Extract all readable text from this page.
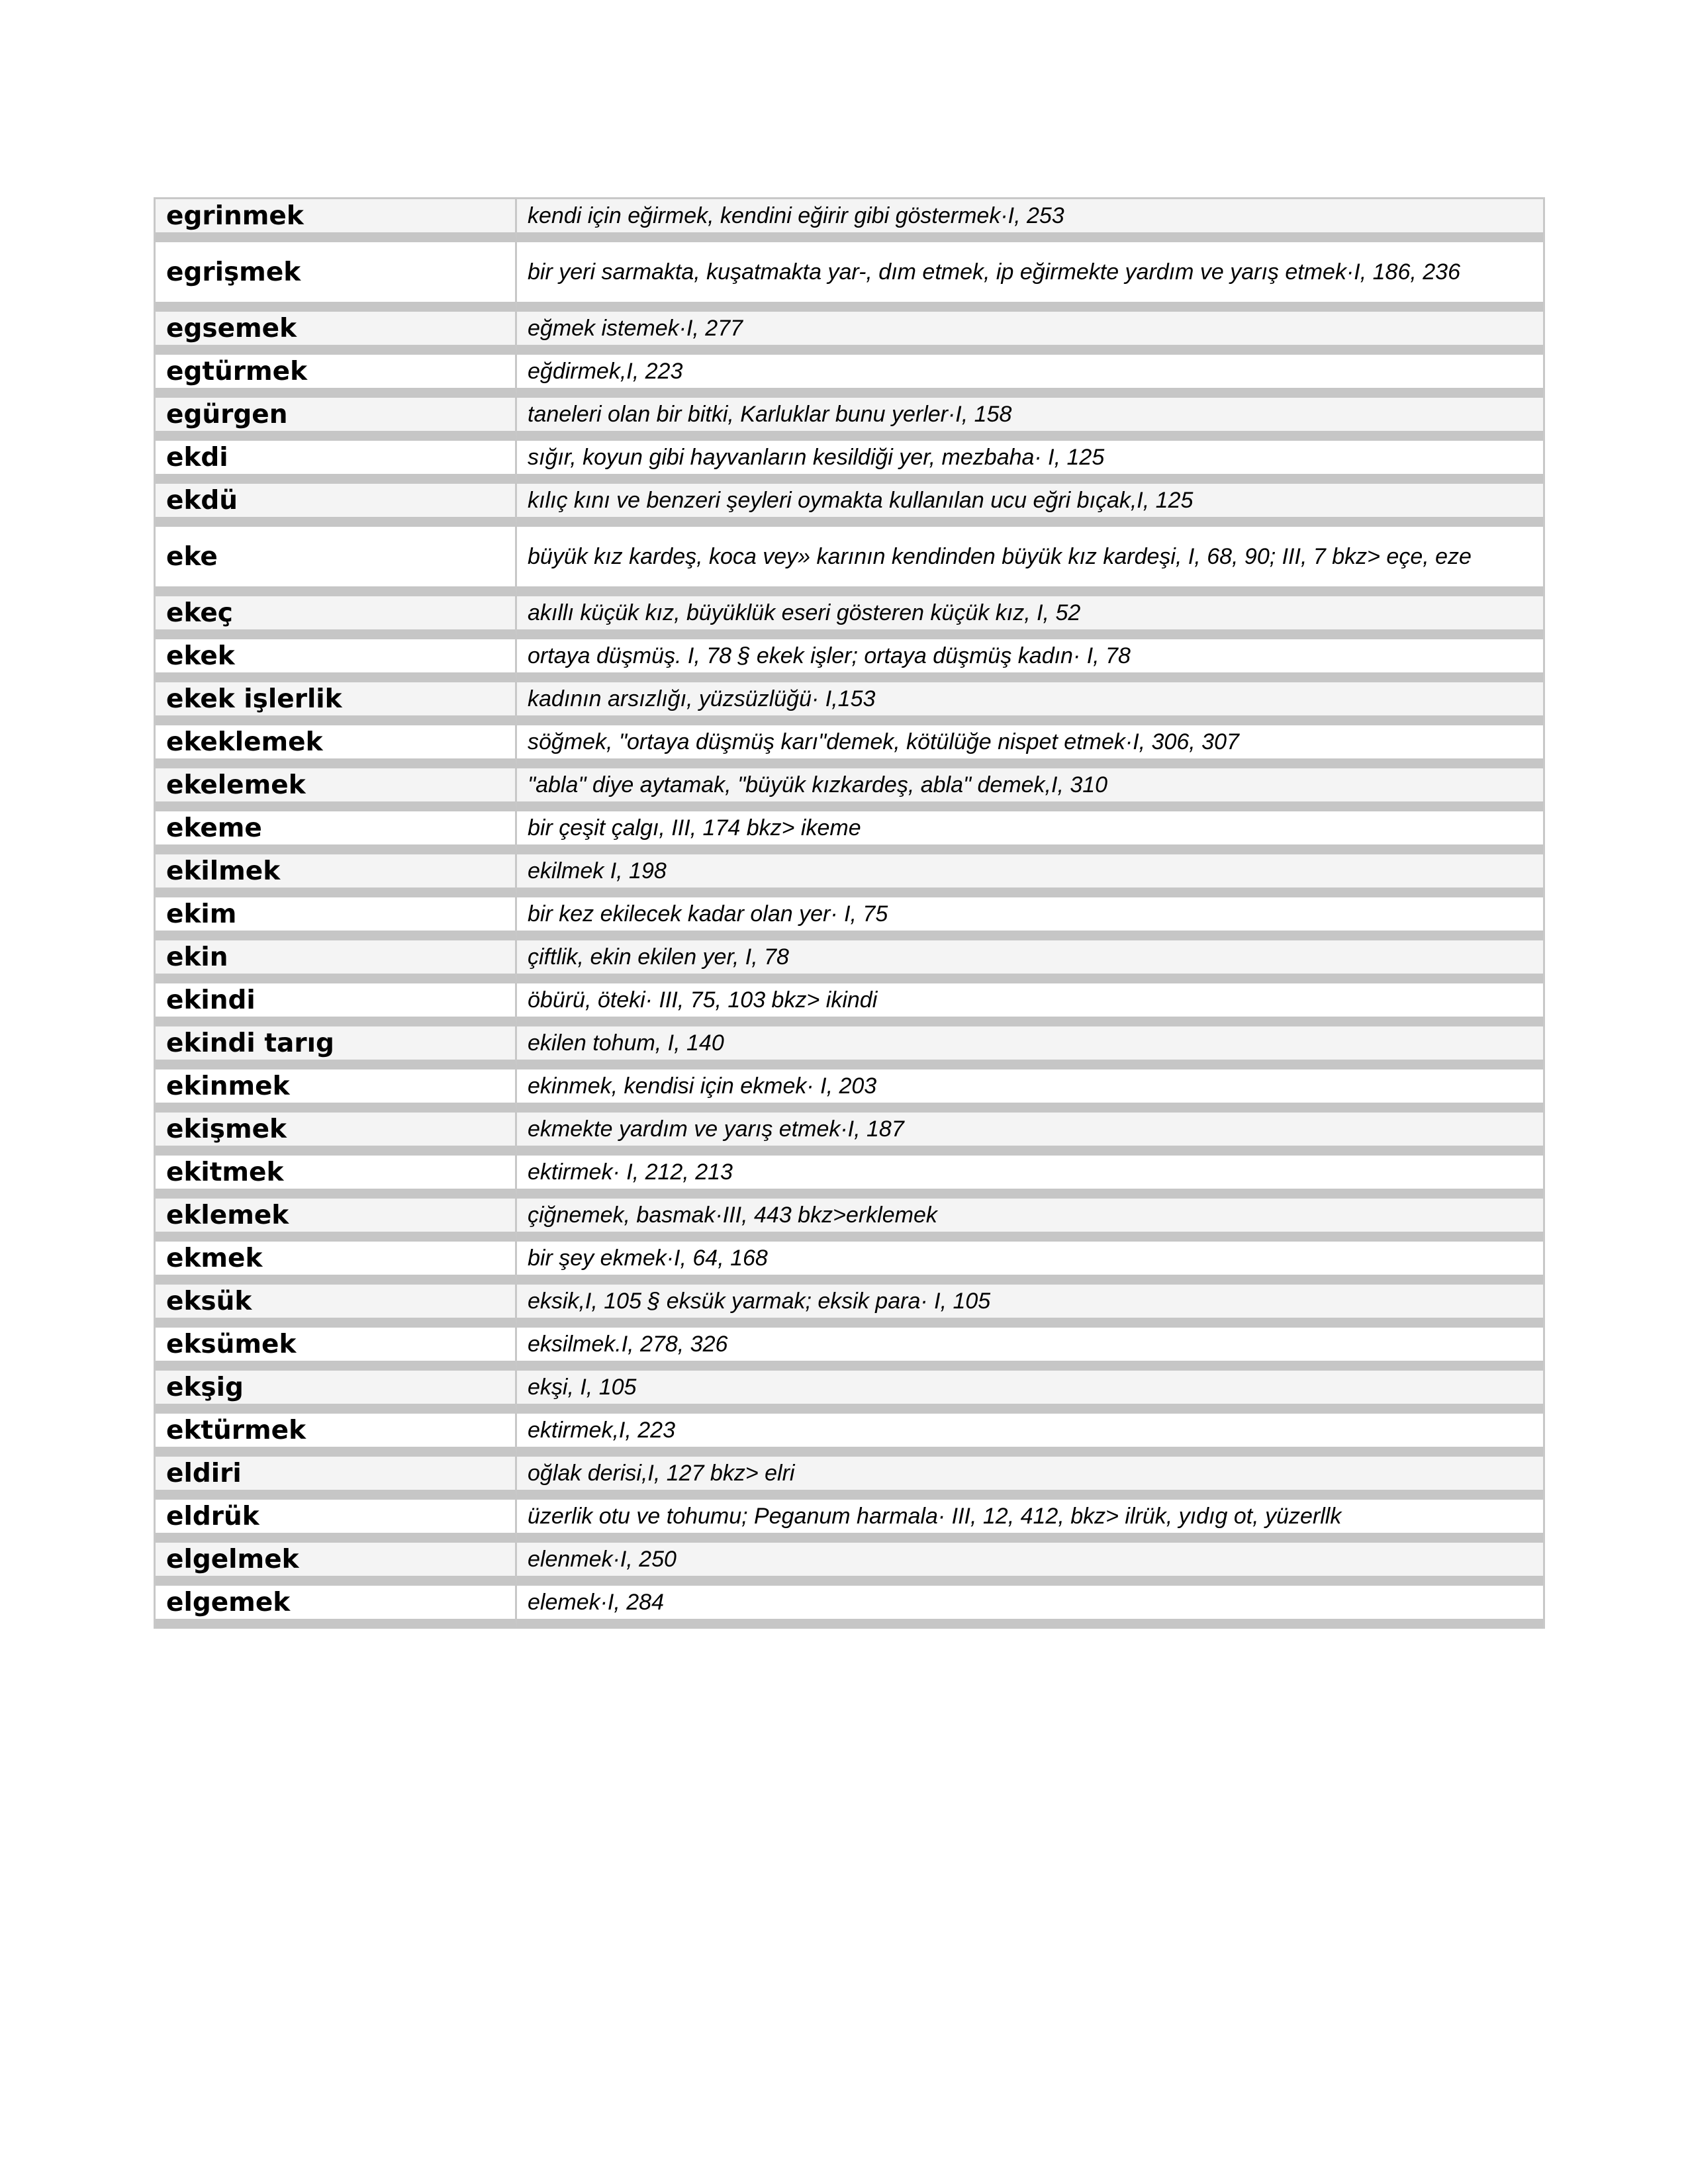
egrinmek	kendi için eğirmek, kendini eğirir gibi göstermek·I, 253
egrişmek	bir yeri sarmakta, kuşatmakta yar-, dım etmek, ip eğirmekte yardım ve yarış etmek·I, 186, 236
egsemek	eğmek istemek·I, 277
egtürmek	eğdirmek,I, 223
egürgen	taneleri olan bir bitki, Karluklar bunu yerler·I, 158
ekdi	sığır, koyun gibi hayvanların kesildiği yer, mezbaha· I, 125
ekdü	kılıç kını ve benzeri şeyleri oymakta kullanılan ucu eğri bıçak,I, 125
eke	büyük kız kardeş, koca vey» karının kendinden büyük kız kardeşi, I, 68, 90; III, 7 bkz> eçe, eze
ekeç	akıllı küçük kız, büyüklük eseri gösteren küçük kız, I, 52
ekek	ortaya düşmüş. I, 78 § ekek işler; ortaya düşmüş kadın· I, 78
ekek işlerlik	kadının arsızlığı, yüzsüzlüğü· I,153
ekeklemek	söğmek, "ortaya düşmüş karı"demek, kötülüğe nispet etmek·I, 306, 307
ekelemek	"abla" diye aytamak, "büyük kızkardeş, abla" demek,I, 310
ekeme	bir çeşit çalgı, III, 174 bkz> ikeme
ekilmek	ekilmek I, 198
ekim	bir kez ekilecek kadar olan yer· I, 75
ekin	çiftlik, ekin ekilen yer, I, 78
ekindi	öbürü, öteki· III, 75, 103 bkz> ikindi
ekindi tarıg	ekilen tohum, I, 140
ekinmek	ekinmek, kendisi için ekmek· I, 203
ekişmek	ekmekte yardım ve yarış etmek·I, 187
ekitmek	ektirmek· I, 212, 213
eklemek	çiğnemek, basmak·III, 443 bkz>erklemek
ekmek	bir şey ekmek·I, 64, 168
eksük	eksik,I, 105 § eksük yarmak; eksik para· I, 105
eksümek	eksilmek.I, 278, 326
ekşig	ekşi, I, 105
ektürmek	ektirmek,I, 223
eldiri	oğlak derisi,I, 127 bkz> elri
eldrük	üzerlik otu ve tohumu; Peganum harmala· III, 12, 412, bkz> ilrük, yıdıg ot, yüzerllk
elgelmek	elenmek·I, 250
elgemek	elemek·I, 284
